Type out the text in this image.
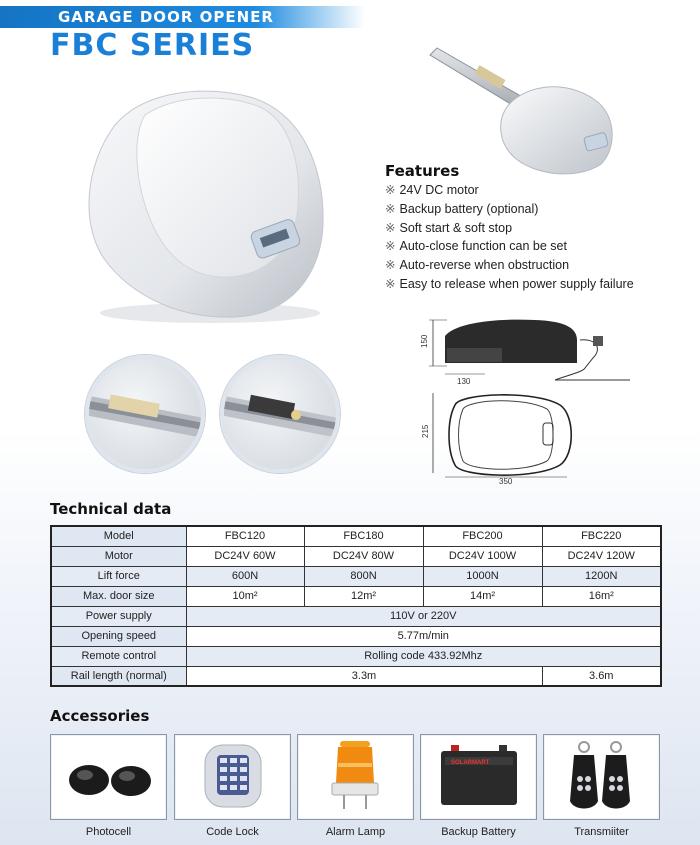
GARAGE DOOR OPENER
FBC SERIES
Features
※ 24V DC motor
※ Backup battery (optional)
※ Soft start & soft stop
※ Auto-close function can be set
※ Auto-reverse when obstruction
※ Easy to release when power supply failure
150
130
215
350
Technical data
Model	FBC120	FBC180	FBC200	FBC220
Motor	DC24V 60W	DC24V 80W	DC24V 100W	DC24V 120W
Lift force	600N	800N	1000N	1200N
Max. door size	10m²	12m²	14m²	16m²
Power supply	110V or 220V			
Opening speed	5.77m/min			
Remote control	Rolling code 433.92Mhz			
Rail length (normal)	3.3m			3.6m
Accessories
SOLARMART
Photocell	Code Lock	Alarm Lamp	Backup Battery	Transmiiter
